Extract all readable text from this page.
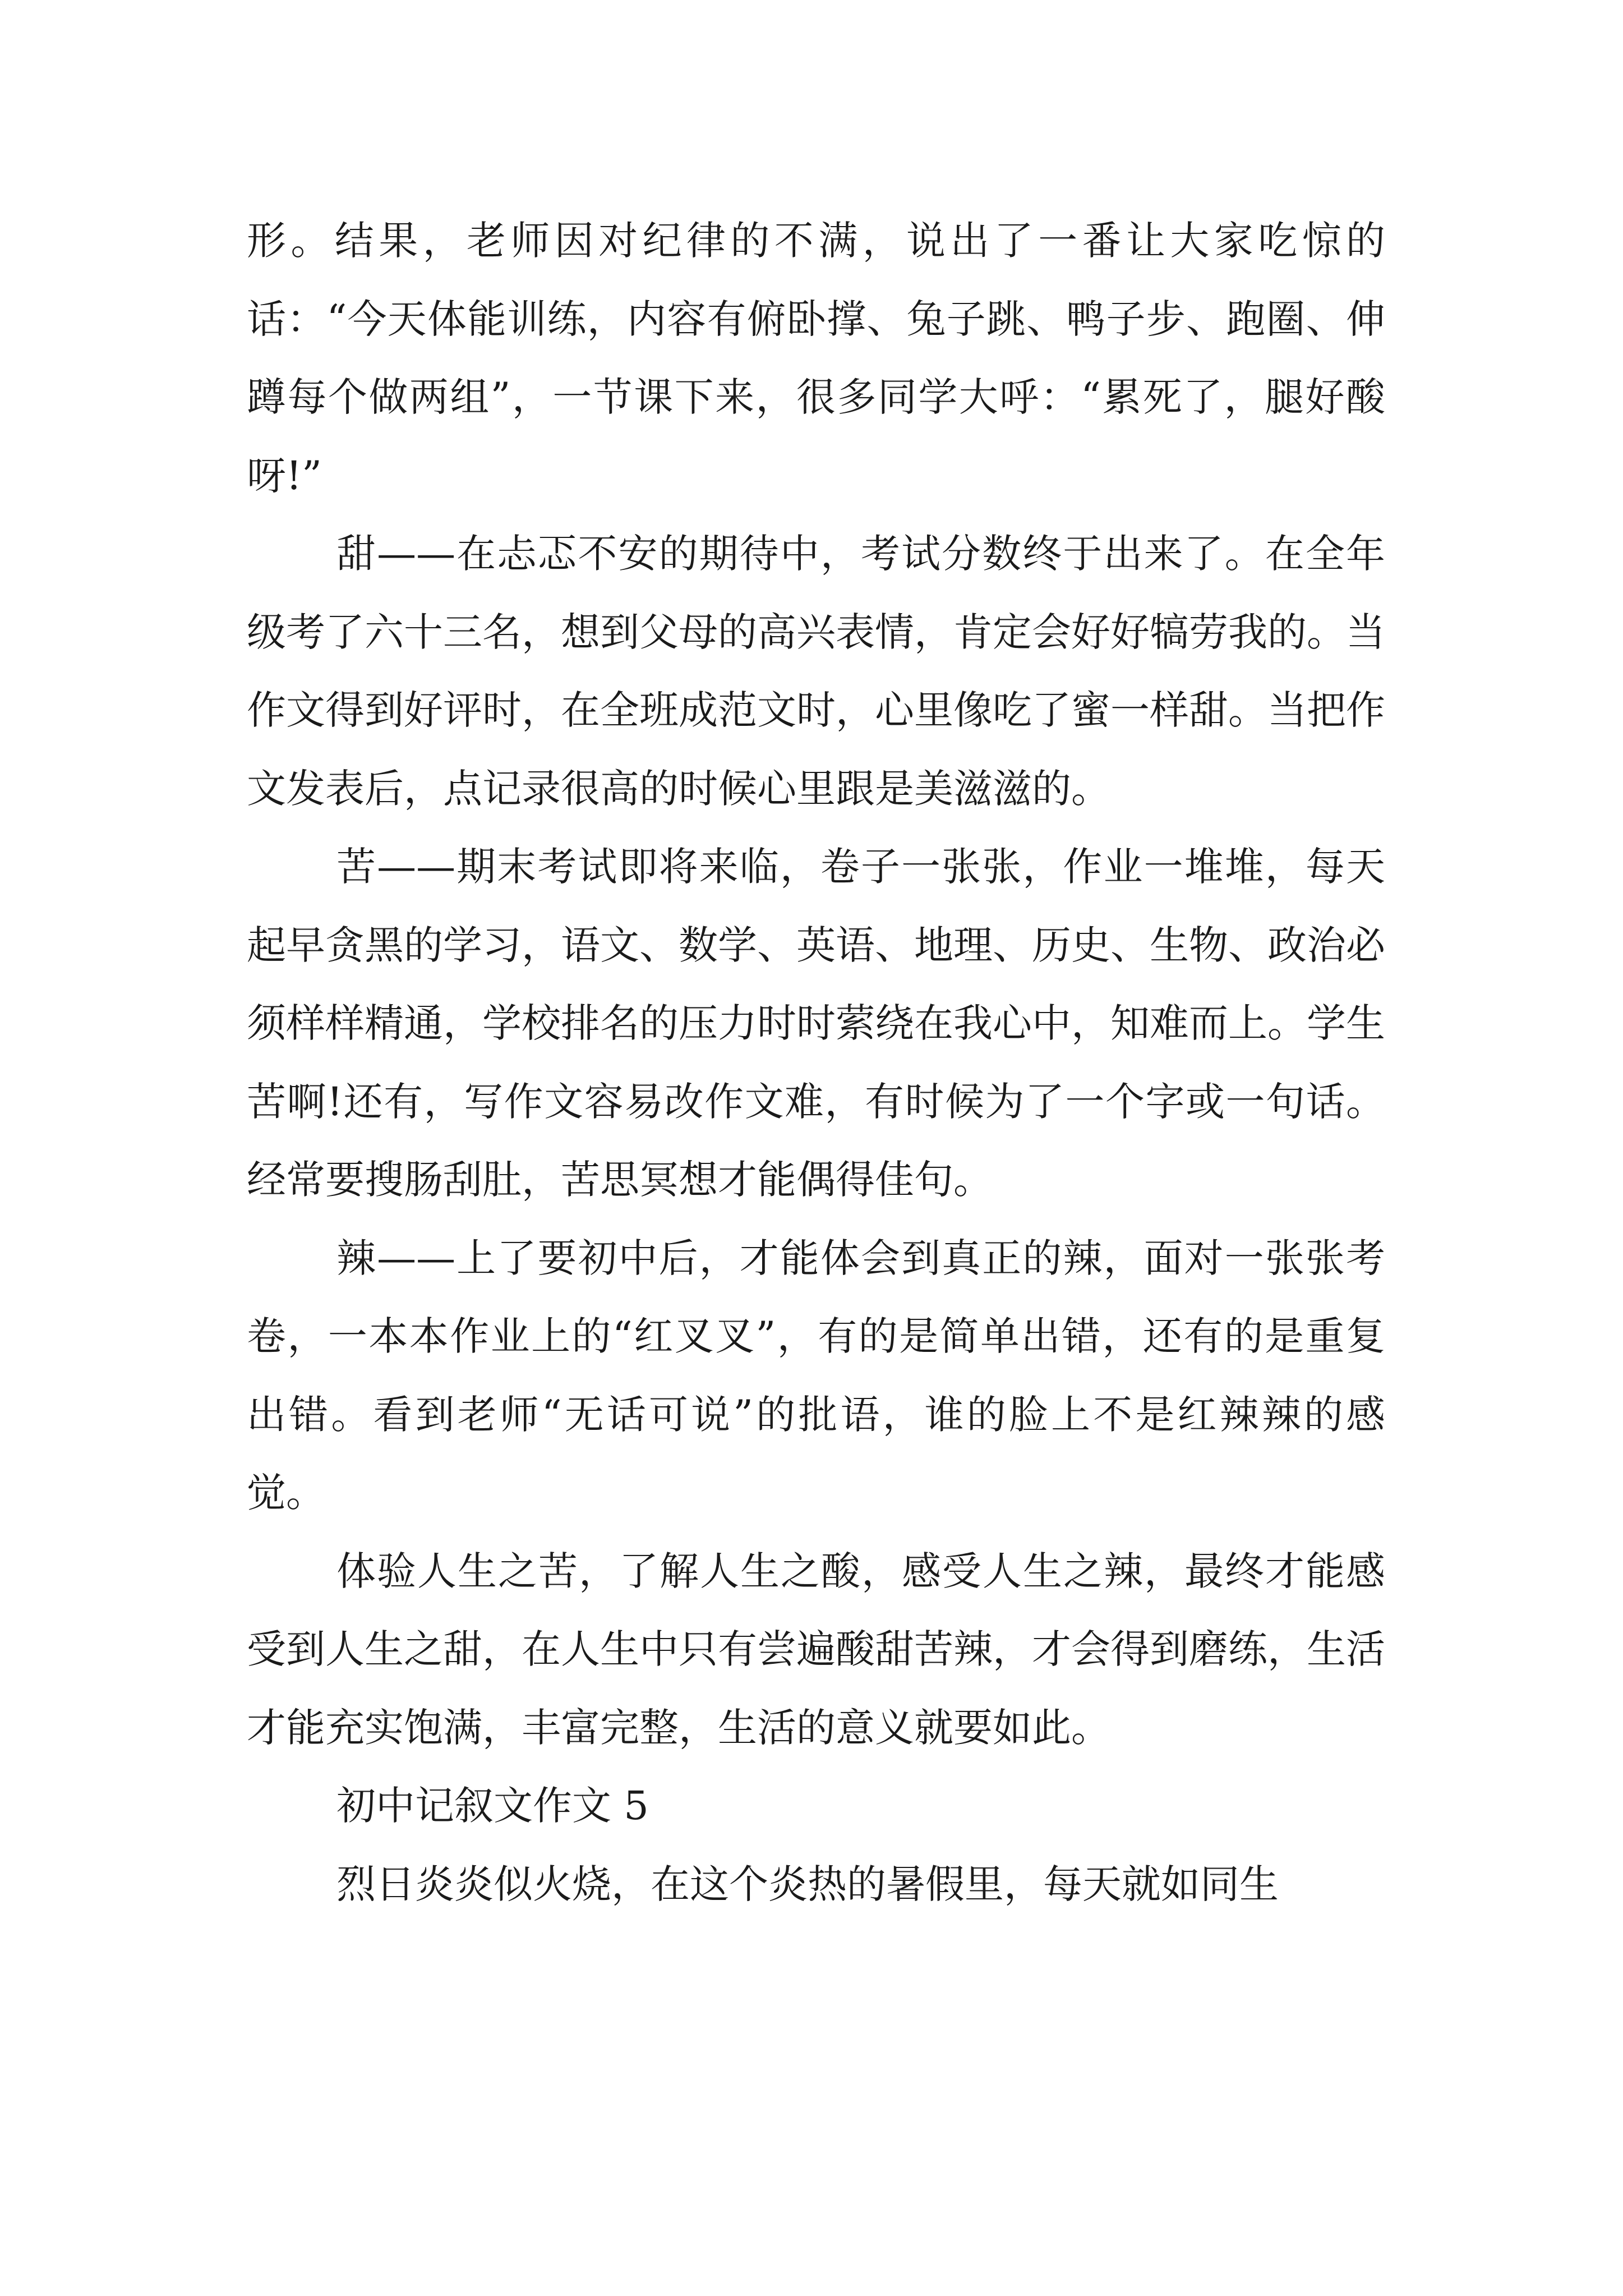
形。结果，老师因对纪律的不满，说出了一番让大家吃惊的话：“今天体能训练，内容有俯卧撑、兔子跳、鸭子步、跑圈、伸蹲每个做两组”，一节课下来，很多同学大呼：“累死了，腿好酸呀!”

甜——在忐忑不安的期待中，考试分数终于出来了。在全年级考了六十三名，想到父母的高兴表情，肯定会好好犒劳我的。当作文得到好评时，在全班成范文时，心里像吃了蜜一样甜。当把作文发表后，点记录很高的时候心里跟是美滋滋的。

苦——期末考试即将来临，卷子一张张，作业一堆堆，每天起早贪黑的学习，语文、数学、英语、地理、历史、生物、政治必须样样精通，学校排名的压力时时萦绕在我心中，知难而上。学生苦啊!还有，写作文容易改作文难，有时候为了一个字或一句话。经常要搜肠刮肚，苦思冥想才能偶得佳句。

辣——上了要初中后，才能体会到真正的辣，面对一张张考卷，一本本作业上的“红叉叉”，有的是简单出错，还有的是重复出错。看到老师“无话可说”的批语，谁的脸上不是红辣辣的感觉。

体验人生之苦，了解人生之酸，感受人生之辣，最终才能感受到人生之甜，在人生中只有尝遍酸甜苦辣，才会得到磨练，生活才能充实饱满，丰富完整，生活的意义就要如此。

初中记叙文作文 5

烈日炎炎似火烧，在这个炎热的暑假里，每天就如同生
